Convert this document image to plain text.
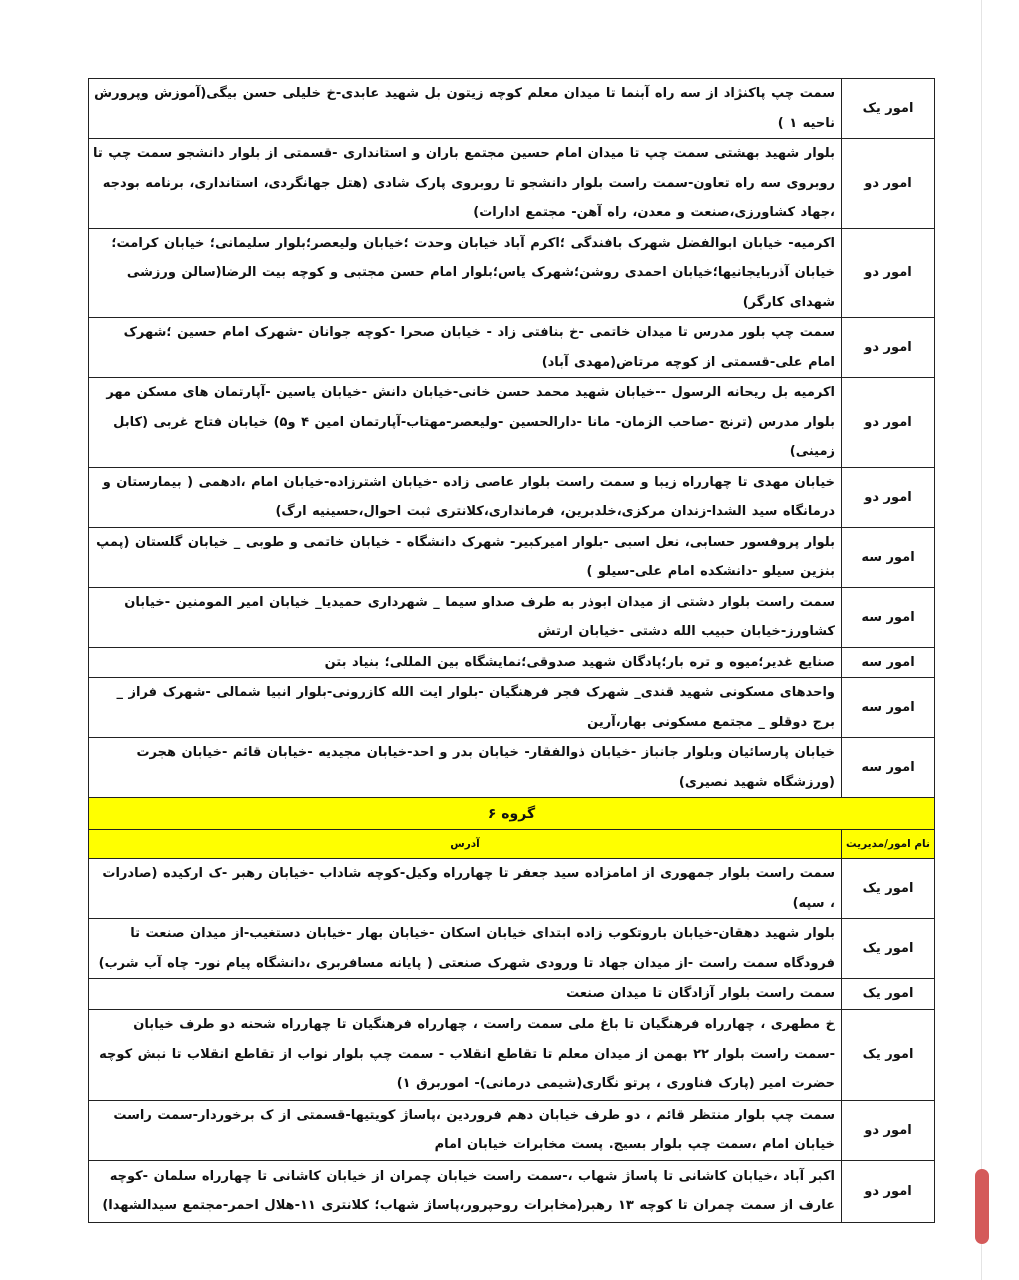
امور یک	سمت چپ پاکنژاد از سه راه آبنما تا میدان معلم کوچه زیتون بل شهید عابدی-خ خلیلی حسن بیگی(آموزش وپرورش ناحیه ۱ )
امور دو	بلوار شهید بهشتی سمت چپ تا میدان امام حسین مجتمع باران و استانداری -قسمتی از بلوار دانشجو سمت چپ تا روبروی سه راه تعاون-سمت راست بلوار دانشجو تا روبروی پارک شادی (هتل جهانگردی، استانداری، برنامه بودجه ،جهاد کشاورزی،صنعت و معدن، راه آهن- مجتمع ادارات)
امور دو	اکرمیه- خیابان ابوالفضل شهرک بافندگی ؛اکرم آباد خیابان وحدت ؛خیابان ولیعصر؛بلوار سلیمانی؛ خیابان کرامت؛خیابان آذربایجانیها؛خیابان احمدی روشن؛شهرک یاس؛بلوار امام حسن مجتبی و کوچه بیت الرضا(سالن ورزشی شهدای کارگر)
امور دو	سمت چپ بلور مدرس تا میدان خاتمی -خ بنافتی زاد - خیابان صحرا -کوچه جوانان -شهرک امام حسین ؛شهرک امام علی-قسمتی از کوچه مرتاض(مهدی آباد)
امور دو	اکرمیه بل ریحانه الرسول --خیابان شهید محمد حسن خانی-خیابان دانش -خیابان یاسین -آپارتمان های مسکن مهر بلوار مدرس (ترنج -صاحب الزمان- مانا -دارالحسین -ولیعصر-مهتاب-آپارتمان امین ۴ و۵) خیابان فتاح غربی (کابل زمینی)
امور دو	خیابان مهدی تا چهارراه زیبا و سمت راست بلوار عاصی زاده -خیابان اشترزاده-خیابان امام ،ادهمی ( بیمارستان و درمانگاه سید الشدا-زندان مرکزی،خلدبرین، فرمانداری،کلانتری ثبت احوال،حسینیه ارگ)
امور سه	بلوار پروفسور حسابی، نعل اسبی -بلوار امیرکبیر- شهرک دانشگاه - خیابان خاتمی و طوبی _ خیابان گلستان (پمپ بنزین سیلو -دانشکده امام علی-سیلو )
امور سه	سمت راست بلوار دشتی از میدان ابوذر به طرف صداو سیما _ شهرداری حمیدیا_ خیابان امیر المومنین -خیابان کشاورز-خیابان حبیب الله دشتی -خیابان ارتش
امور سه	صنایع غدیر؛میوه و تره بار؛پادگان شهید صدوقی؛نمایشگاه بین المللی؛ بنیاد بتن
امور سه	واحدهای مسکونی شهید قندی_ شهرک فجر فرهنگیان -بلوار ایت الله کازرونی-بلوار انبیا شمالی -شهرک فراز _ برج دوقلو _ مجتمع مسکونی بهار،آرین
امور سه	خیابان پارسائیان وبلوار جانباز -خیابان ذوالفقار- خیابان بدر و احد-خیابان مجیدیه -خیابان قائم -خیابان هجرت (ورزشگاه شهید نصیری)
گروه ۶	
نام امور/مدیریت	آدرس
امور یک	سمت راست بلوار جمهوری از امامزاده سید جعفر تا چهارراه وکیل-کوچه شاداب -خیابان رهبر -ک ارکیده (صادرات ، سپه)
امور یک	بلوار شهید دهقان-خیابان باروتکوب زاده ابتدای خیابان اسکان -خیابان بهار -خیابان دستغیب-از میدان صنعت تا فرودگاه سمت راست -از میدان جهاد تا ورودی شهرک صنعتی ( پایانه مسافربری ،دانشگاه پیام نور- چاه آب شرب)
امور یک	سمت راست بلوار آزادگان تا میدان صنعت
امور یک	خ مطهری ، چهارراه فرهنگیان تا باغ ملی سمت راست ، چهارراه فرهنگیان تا چهارراه شحنه دو طرف خیابان -سمت راست بلوار ۲۲ بهمن از میدان معلم تا تقاطع انقلاب - سمت چپ بلوار نواب از تقاطع انقلاب تا نبش کوچه حضرت امیر (پارک فناوری ، پرتو نگاری(شیمی درمانی)- اموربرق ۱)
امور دو	سمت چپ بلوار منتظر قائم ، دو طرف خیابان دهم فروردین ،پاساژ کویتیها-قسمتی از ک برخوردار-سمت راست خیابان امام ،سمت چپ بلوار بسیج. پست مخابرات خیابان امام
امور دو	اکبر آباد ،خیابان کاشانی تا پاساژ شهاب ،-سمت راست خیابان چمران از خیابان کاشانی تا چهارراه سلمان -کوچه عارف از سمت چمران تا کوچه ۱۳ رهبر(مخابرات روحپرور،پاساژ شهاب؛ کلانتری ۱۱-هلال احمر-مجتمع سیدالشهدا)
